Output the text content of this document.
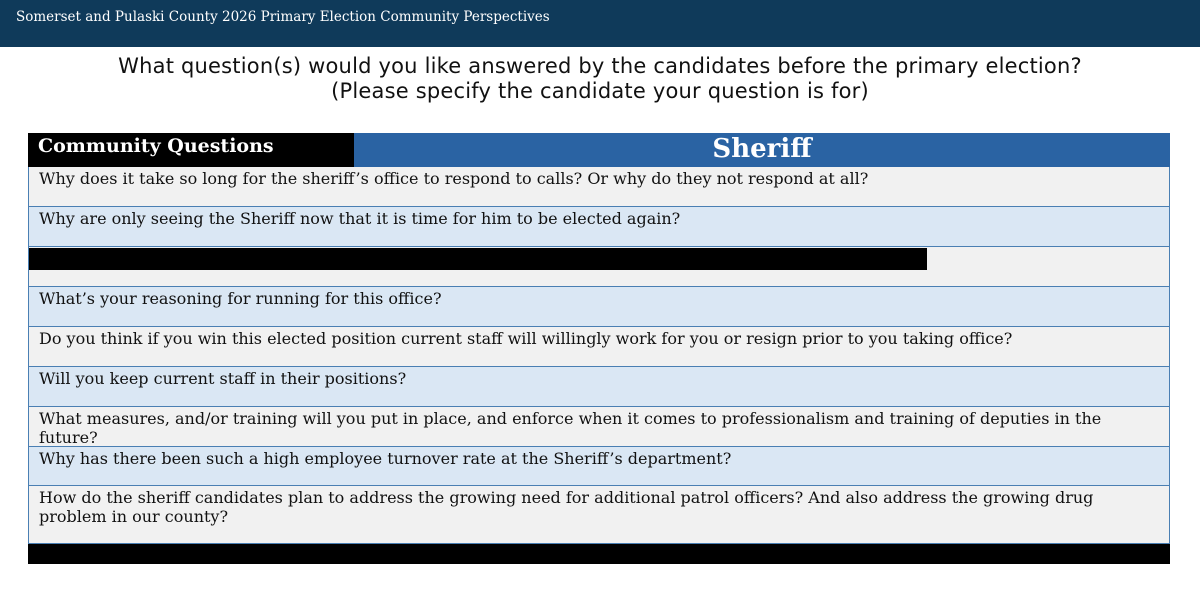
Somerset and Pulaski County 2026 Primary Election Community Perspectives
What question(s) would you like answered by the candidates before the primary election?
(Please specify the candidate your question is for)
Community Questions	Sheriff
Why does it take so long for the sheriff’s office to respond to calls? Or why do they not respond at all?
Why are only seeing the Sheriff now that it is time for him to be elected again?
What’s your reasoning for running for this office?
Do you think if you win this elected position current staff will willingly work for you or resign prior to you taking office?
Will you keep current staff in their positions?
What measures, and/or training will you put in place, and enforce when it comes to professionalism and training of deputies in the future?
Why has there been such a high employee turnover rate at the Sheriff’s department?
How do the sheriff candidates plan to address the growing need for additional patrol officers? And also address the growing drug problem in our county?
